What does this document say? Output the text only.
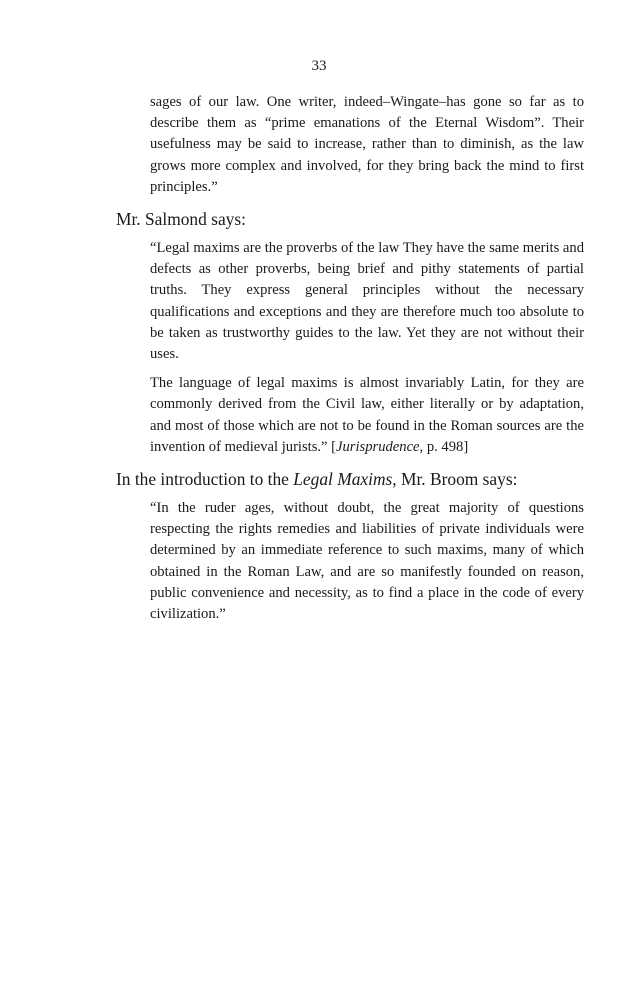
33

sages of our law. One writer, indeed–Wingate–has gone so far as to describe them as “prime emanations of the Eternal Wisdom”. Their usefulness may be said to increase, rather than to diminish, as the law grows more complex and involved, for they bring back the mind to first principles.”

Mr. Salmond says:

“Legal maxims are the proverbs of the law They have the same merits and defects as other proverbs, being brief and pithy statements of partial truths. They express general principles without the necessary qualifications and exceptions and they are therefore much too absolute to be taken as trustworthy guides to the law. Yet they are not without their uses.

The language of legal maxims is almost invariably Latin, for they are commonly derived from the Civil law, either literally or by adaptation, and most of those which are not to be found in the Roman sources are the invention of medieval jurists.” [Jurisprudence, p. 498]

In the introduction to the Legal Maxims, Mr. Broom says:

“In the ruder ages, without doubt, the great majority of questions respecting the rights remedies and liabilities of private individuals were determined by an immediate reference to such maxims, many of which obtained in the Roman Law, and are so manifestly founded on reason, public convenience and necessity, as to find a place in the code of every civilization.”
